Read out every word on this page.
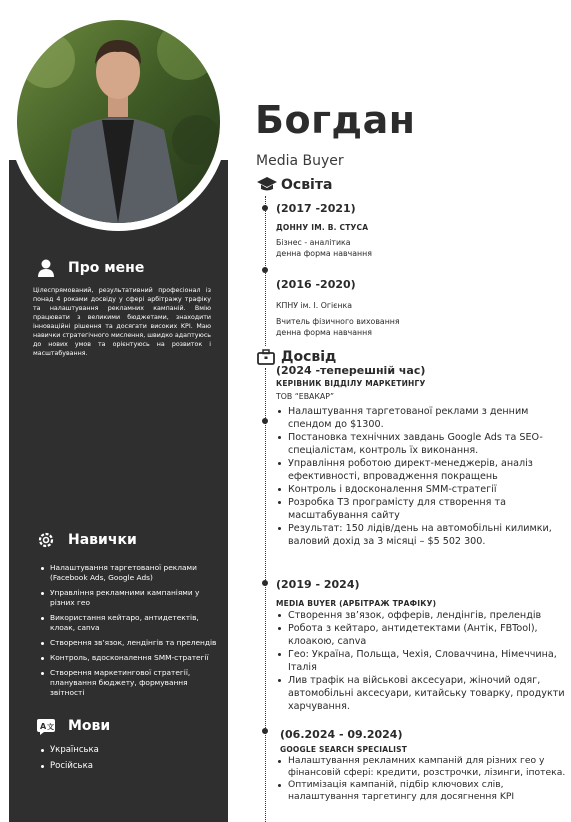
Про мене

Цілеспрямований, результативний професіонал із понад 4 роками досвіду у сфері арбітражу трафіку та налаштування рекламних кампаній. Вмію працювати з великими бюджетами, знаходити інноваційні рішення та досягати високих KPI. Маю навички стратегічного мислення, швидко адаптуюсь до нових умов та орієнтуюсь на розвиток і масштабування.

Навички
Налаштування таргетованої реклами (Facebook Ads, Google Ads)
Управління рекламними кампаніями у різних гео
Використання кейтаро, антидетектів, клоак, canva
Створення зв’язок, лендінгів та прелендів
Контроль, вдосконалення SMM-стратегії
Створення маркетингової стратегії, планування бюджету, формування звітності
A 文 Мови
Українська
Російська
Богдан
Media Buyer
Освіта
(2017 -2021)
ДОННУ ІМ. В. СТУСА
Бізнес - аналітика
денна форма навчання
(2016 -2020)
КПНУ ім. І. Огієнка
Вчитель фізичного виховання
денна форма навчання
Досвід
(2024 -теперешній час)
КЕРІВНИК ВІДДІЛУ МАРКЕТИНГУ
ТОВ “ЕВАКАР”
Налаштування таргетованої реклами з денним спендом до $1300.
Постановка технічних завдань Google Ads та SEO-спеціалістам, контроль їх виконання.
Управління роботою директ-менеджерів, аналіз ефективності, впровадження покращень
Контроль і вдосконалення SMM-стратегії
Розробка ТЗ програмісту для створення та масштабування сайту
Результат: 150 лідів/день на автомобільні килимки, валовий дохід за 3 місяці – $5 502 300.
(2019 - 2024)
MEDIA BUYER (АРБІТРАЖ ТРАФІКУ)
Створення зв’язок, офферів, лендінгів, прелендів
Робота з кейтаро, антидетектами (Антік, FBTool), клоакою, canva
Гео: Україна, Польща, Чехія, Словаччина, Німеччина, Італія
Лив трафік на військові аксесуари, жіночий одяг, автомобільні аксесуари, китайську товарку, продукти харчування.
(06.2024 - 09.2024)
GOOGLE SEARCH SPECIALIST
Налаштування рекламних кампаній для різних гео у фінансовій сфері: кредити, розстрочки, лізинги, іпотека.
Оптимізація кампаній, підбір ключових слів, налаштування таргетингу для досягнення KPI
